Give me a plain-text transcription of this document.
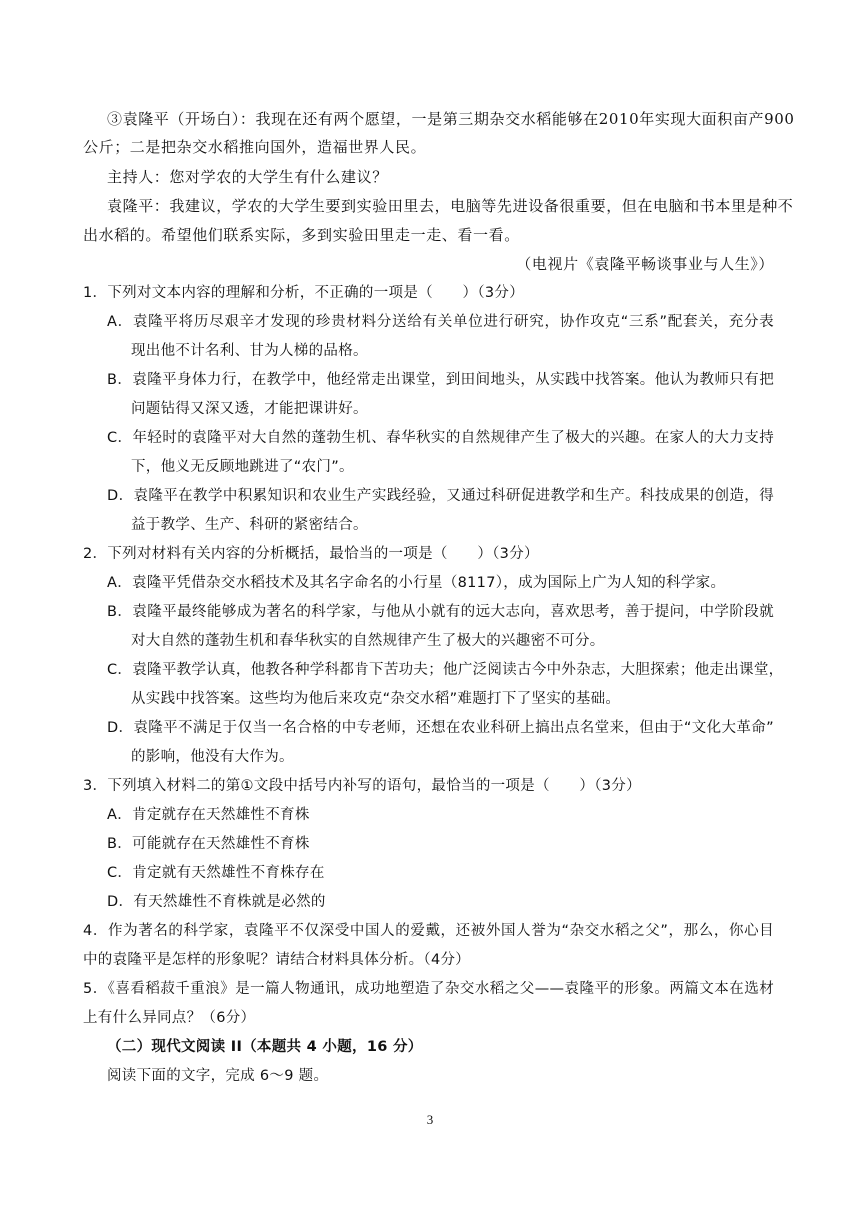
③袁隆平（开场白）：我现在还有两个愿望，一是第三期杂交水稻能够在2010年实现大面积亩产900
公斤；二是把杂交水稻推向国外，造福世界人民。
主持人：您对学农的大学生有什么建议？
袁隆平：我建议，学农的大学生要到实验田里去，电脑等先进设备很重要，但在电脑和书本里是种不
出水稻的。希望他们联系实际，多到实验田里走一走、看一看。
（电视片《袁隆平畅谈事业与人生》）
1．下列对文本内容的理解和分析，不正确的一项是（　　）（3分）
A．袁隆平将历尽艰辛才发现的珍贵材料分送给有关单位进行研究，协作攻克“三系”配套关，充分表
现出他不计名利、甘为人梯的品格。
B．袁隆平身体力行，在教学中，他经常走出课堂，到田间地头，从实践中找答案。他认为教师只有把
问题钻得又深又透，才能把课讲好。
C．年轻时的袁隆平对大自然的蓬勃生机、春华秋实的自然规律产生了极大的兴趣。在家人的大力支持
下，他义无反顾地跳进了“农门”。
D．袁隆平在教学中积累知识和农业生产实践经验，又通过科研促进教学和生产。科技成果的创造，得
益于教学、生产、科研的紧密结合。
2．下列对材料有关内容的分析概括，最恰当的一项是（　　）（3分）
A．袁隆平凭借杂交水稻技术及其名字命名的小行星（8117），成为国际上广为人知的科学家。
B．袁隆平最终能够成为著名的科学家，与他从小就有的远大志向，喜欢思考，善于提问，中学阶段就
对大自然的蓬勃生机和春华秋实的自然规律产生了极大的兴趣密不可分。
C．袁隆平教学认真，他教各种学科都肯下苦功夫；他广泛阅读古今中外杂志，大胆探索；他走出课堂，
从实践中找答案。这些均为他后来攻克“杂交水稻”难题打下了坚实的基础。
D．袁隆平不满足于仅当一名合格的中专老师，还想在农业科研上搞出点名堂来，但由于“文化大革命”
的影响，他没有大作为。
3．下列填入材料二的第①文段中括号内补写的语句，最恰当的一项是（　　）（3分）
A．肯定就存在天然雄性不育株
B．可能就存在天然雄性不育株
C．肯定就有天然雄性不育株存在
D．有天然雄性不育株就是必然的
4．作为著名的科学家，袁隆平不仅深受中国人的爱戴，还被外国人誉为“杂交水稻之父”，那么，你心目
中的袁隆平是怎样的形象呢？请结合材料具体分析。（4分）
5．《喜看稻菽千重浪》是一篇人物通讯，成功地塑造了杂交水稻之父——袁隆平的形象。两篇文本在选材
上有什么异同点？（6分）
（二）现代文阅读 II（本题共 4 小题，16 分）
阅读下面的文字，完成 6～9 题。
3
